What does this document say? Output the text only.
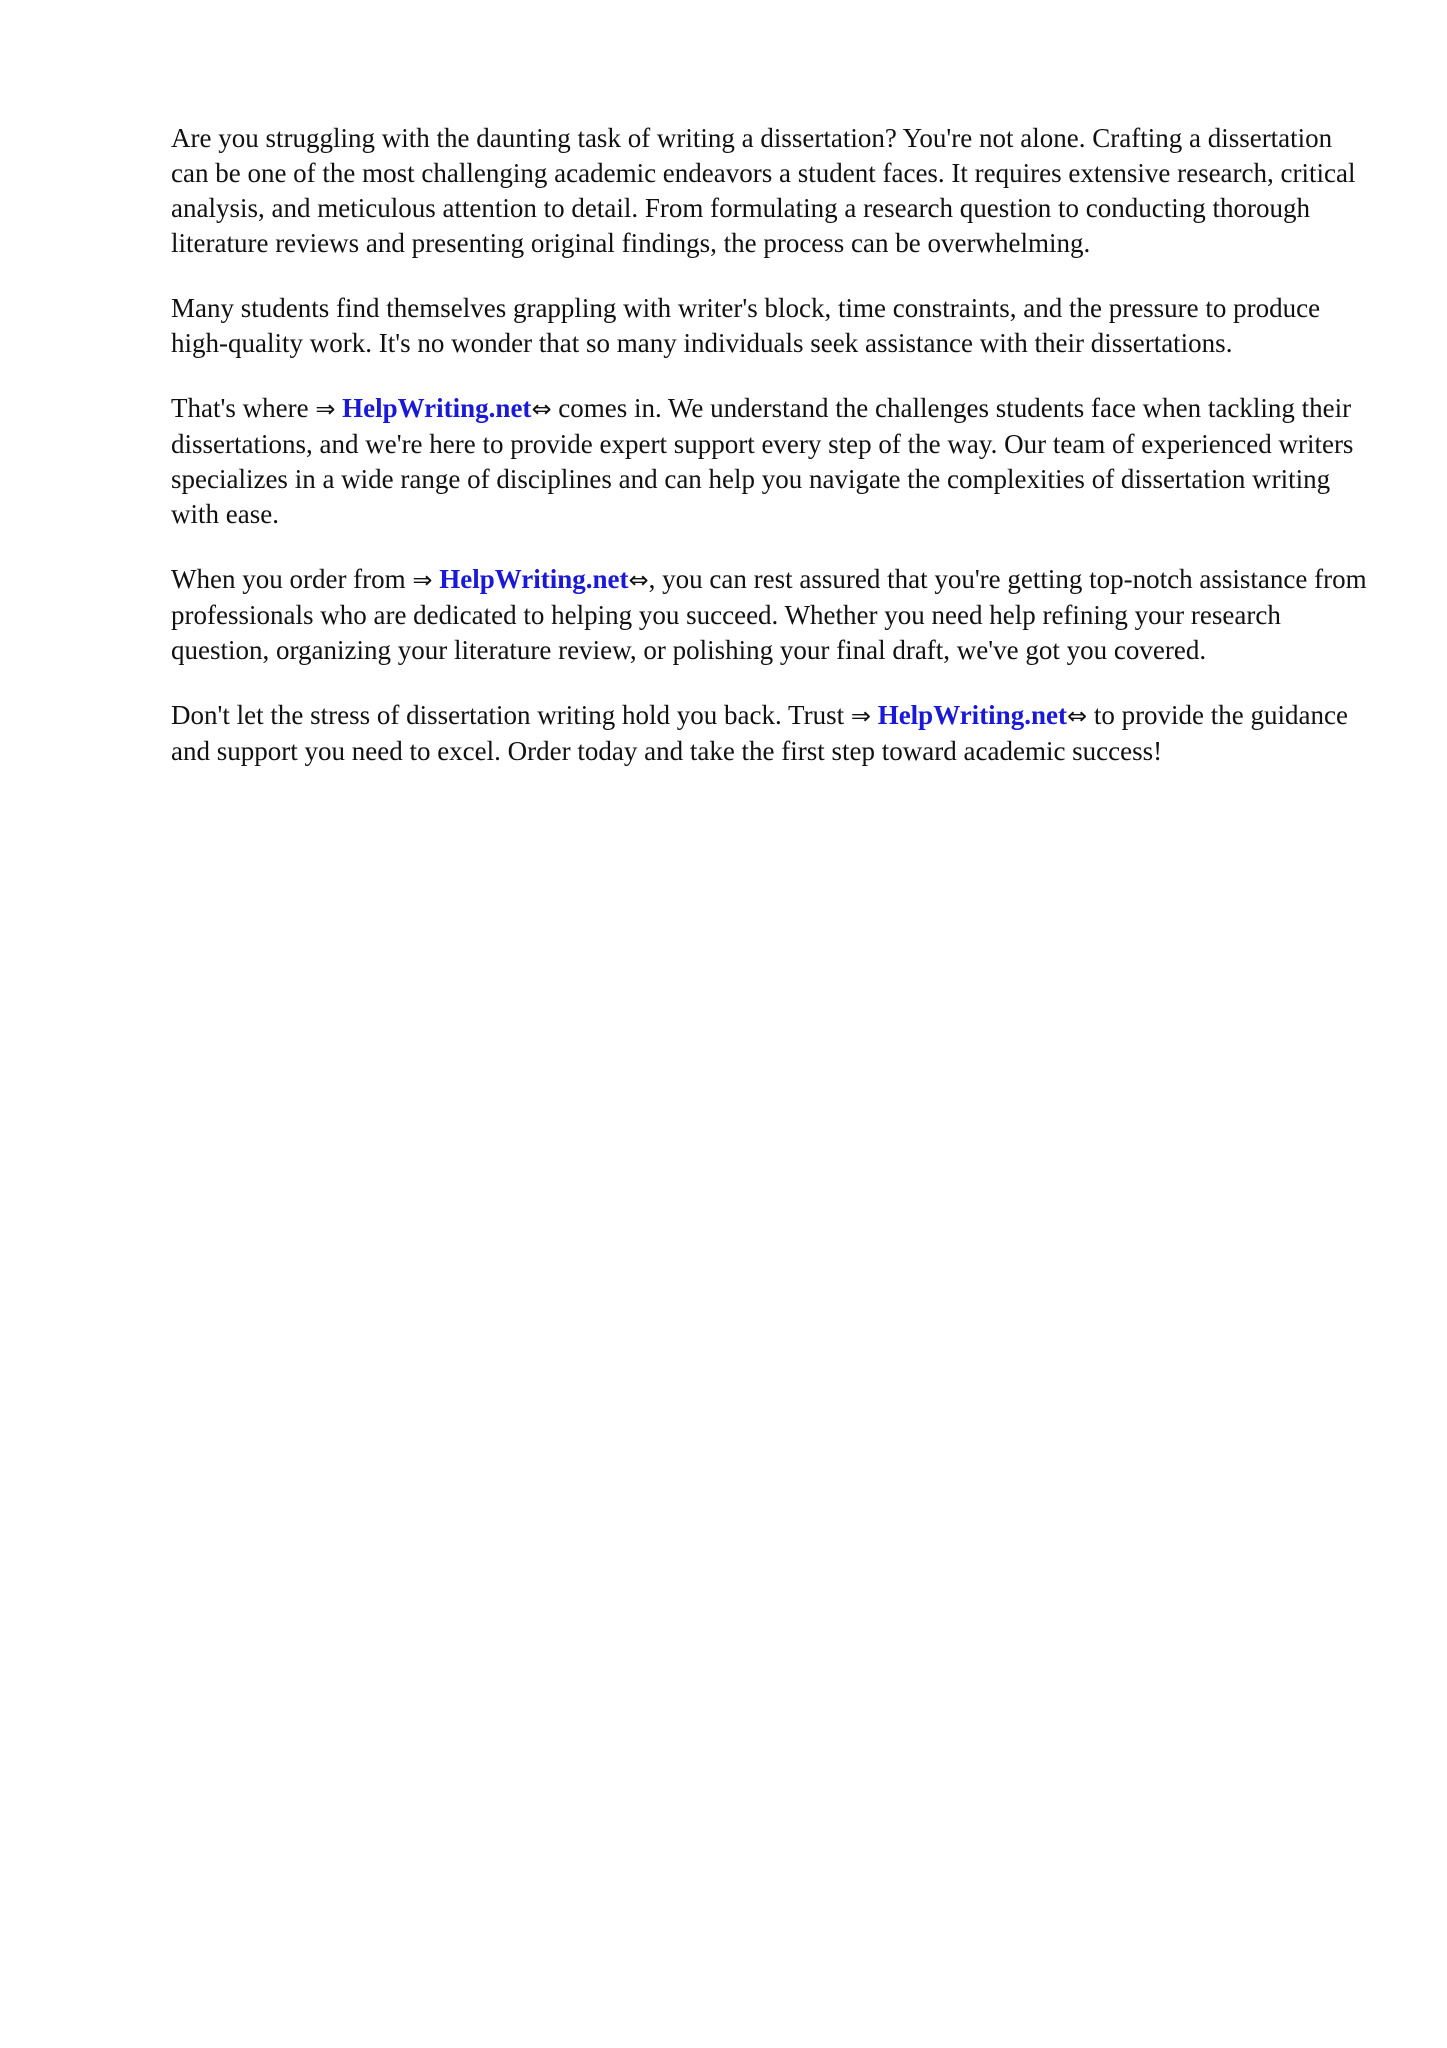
Are you struggling with the daunting task of writing a dissertation? You're not alone. Crafting a dissertation can be one of the most challenging academic endeavors a student faces. It requires extensive research, critical analysis, and meticulous attention to detail. From formulating a research question to conducting thorough literature reviews and presenting original findings, the process can be overwhelming.

Many students find themselves grappling with writer's block, time constraints, and the pressure to produce high-quality work. It's no wonder that so many individuals seek assistance with their dissertations.

That's where ⇒ HelpWriting.net⇔ comes in. We understand the challenges students face when tackling their dissertations, and we're here to provide expert support every step of the way. Our team of experienced writers specializes in a wide range of disciplines and can help you navigate the complexities of dissertation writing with ease.

When you order from ⇒ HelpWriting.net⇔, you can rest assured that you're getting top-notch assistance from professionals who are dedicated to helping you succeed. Whether you need help refining your research question, organizing your literature review, or polishing your final draft, we've got you covered.

Don't let the stress of dissertation writing hold you back. Trust ⇒ HelpWriting.net⇔ to provide the guidance and support you need to excel. Order today and take the first step toward academic success!
